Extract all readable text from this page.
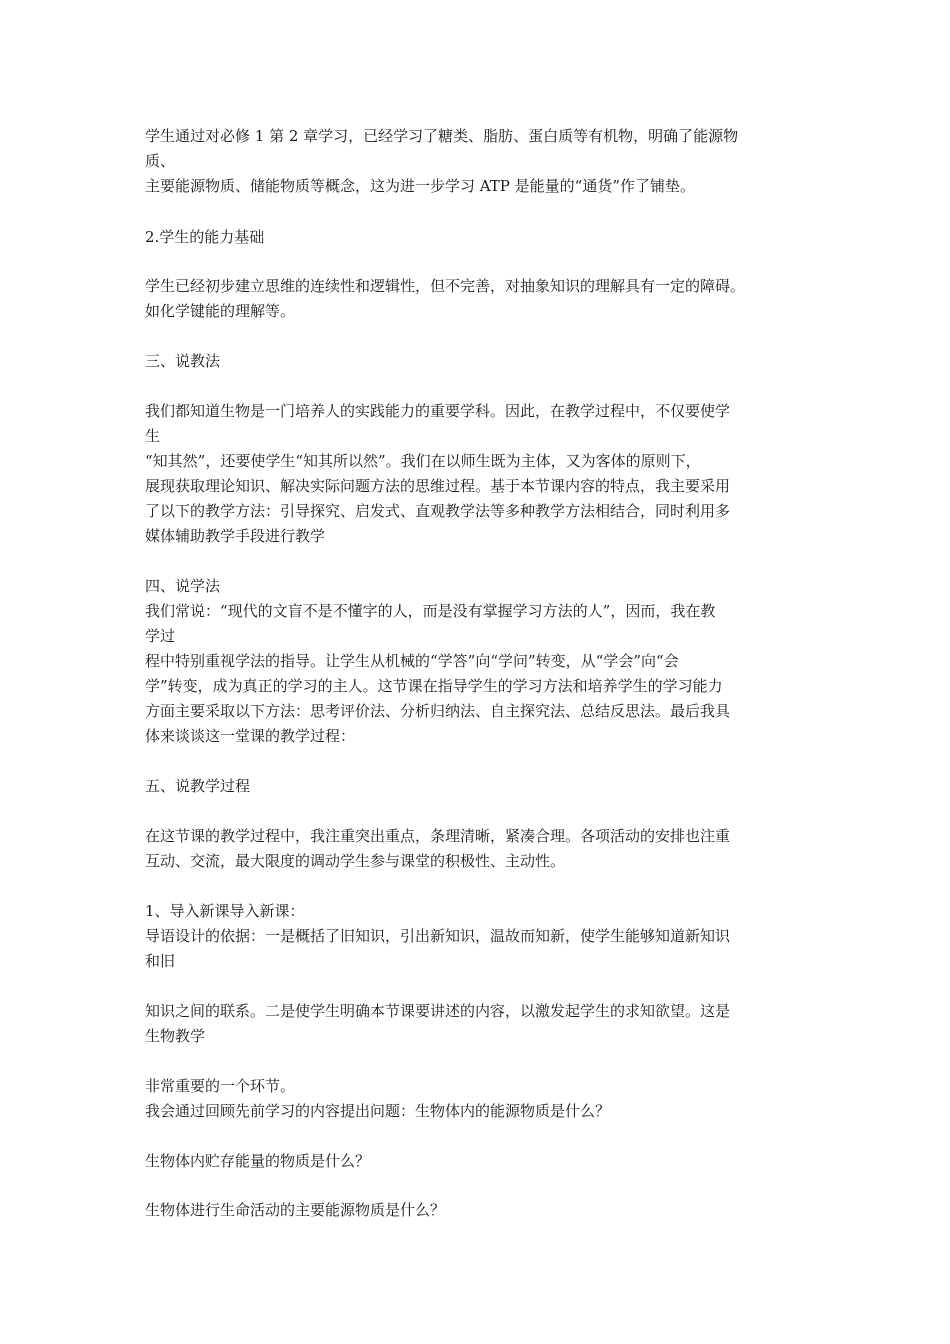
学生通过对必修 1 第 2 章学习，已经学习了糖类、脂肪、蛋白质等有机物，明确了能源物
质、
主要能源物质、储能物质等概念，这为进一步学习 ATP 是能量的“通货”作了铺垫。
2.学生的能力基础
学生已经初步建立思维的连续性和逻辑性，但不完善，对抽象知识的理解具有一定的障碍。
如化学键能的理解等。
三、说教法
我们都知道生物是一门培养人的实践能力的重要学科。因此，在教学过程中，不仅要使学
生
“知其然”，还要使学生“知其所以然”。我们在以师生既为主体，又为客体的原则下，
展现获取理论知识、解决实际问题方法的思维过程。基于本节课内容的特点，我主要采用
了以下的教学方法：引导探究、启发式、直观教学法等多种教学方法相结合，同时利用多
媒体辅助教学手段进行教学
四、说学法
我们常说：“现代的文盲不是不懂字的人，而是没有掌握学习方法的人”，因而，我在教
学过
程中特别重视学法的指导。让学生从机械的“学答”向“学问”转变，从“学会”向“会
学”转变，成为真正的学习的主人。这节课在指导学生的学习方法和培养学生的学习能力
方面主要采取以下方法：思考评价法、分析归纳法、自主探究法、总结反思法。最后我具
体来谈谈这一堂课的教学过程：
五、说教学过程
在这节课的教学过程中，我注重突出重点，条理清晰，紧凑合理。各项活动的安排也注重
互动、交流，最大限度的调动学生参与课堂的积极性、主动性。
1、导入新课导入新课：
导语设计的依据：一是概括了旧知识，引出新知识，温故而知新，使学生能够知道新知识
和旧
知识之间的联系。二是使学生明确本节课要讲述的内容，以激发起学生的求知欲望。这是
生物教学
非常重要的一个环节。
我会通过回顾先前学习的内容提出问题：生物体内的能源物质是什么？
生物体内贮存能量的物质是什么？
生物体进行生命活动的主要能源物质是什么？
